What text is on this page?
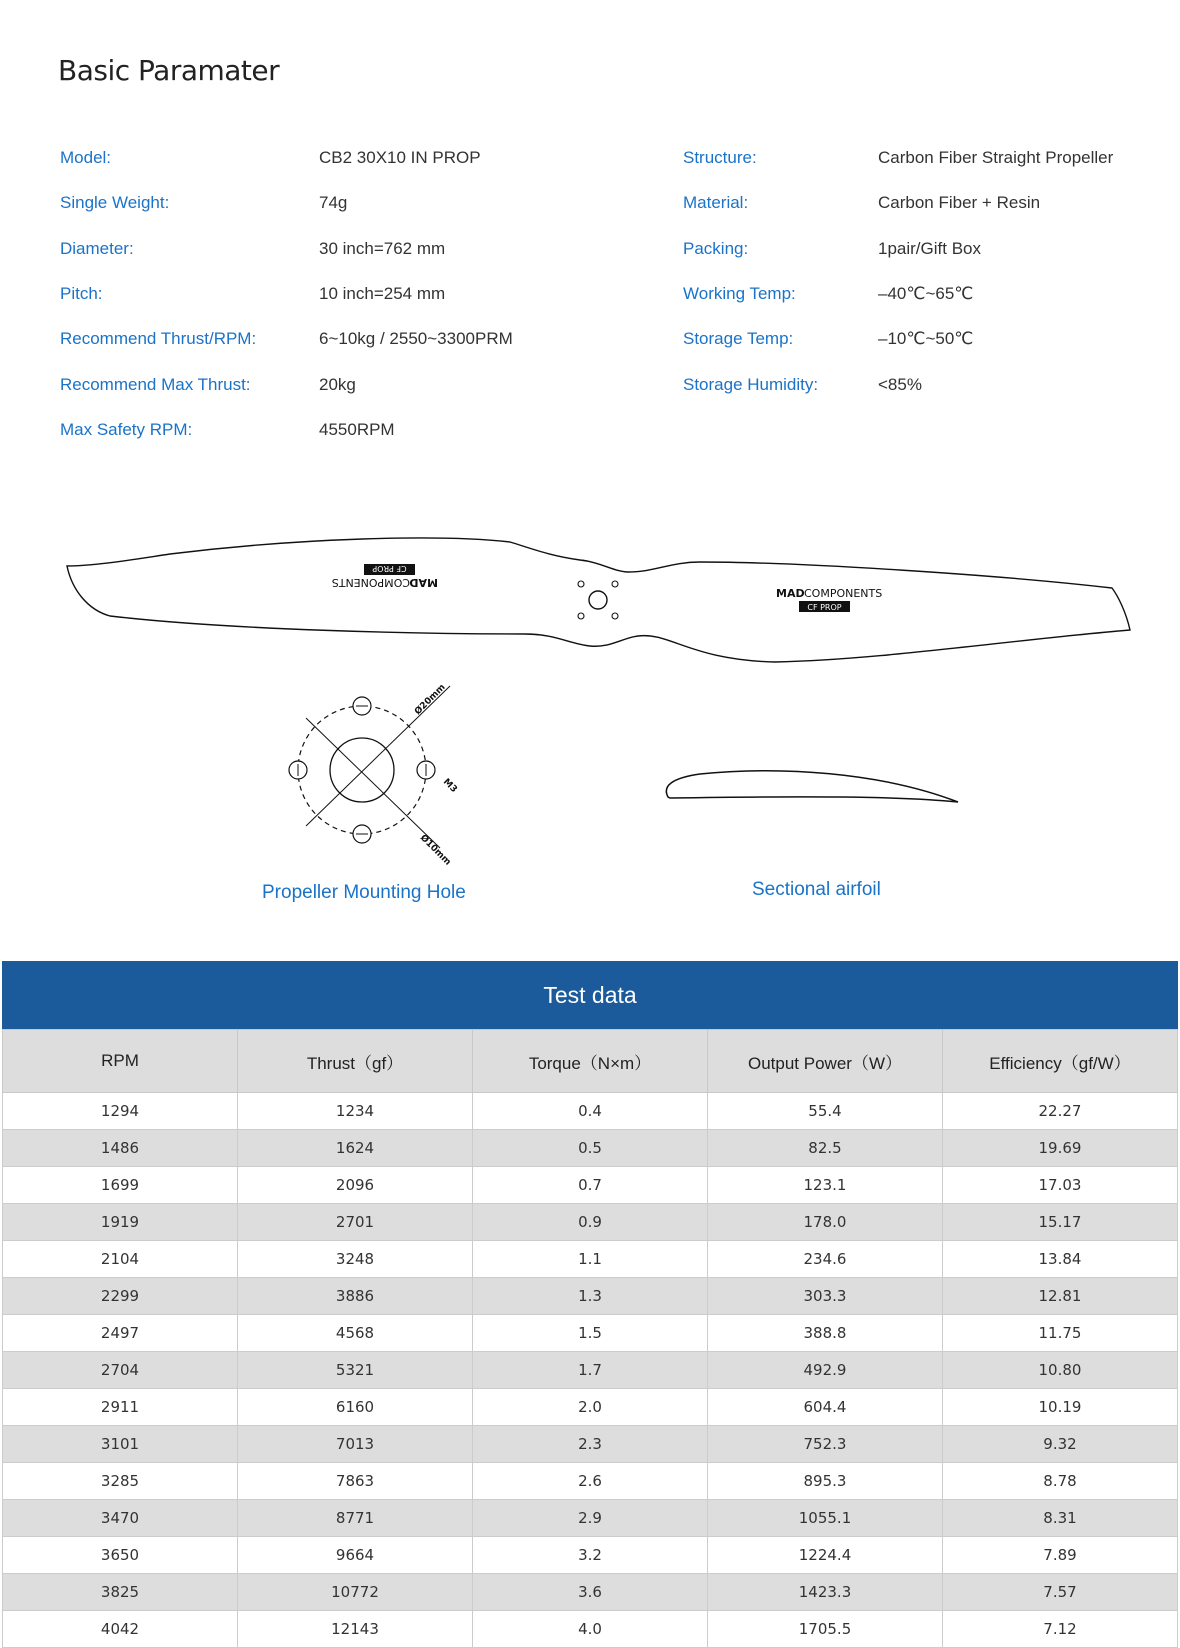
Basic Paramater
Model:	CB2 30X10 IN PROP
Single Weight:	74g
Diameter:	30 inch=762 mm
Pitch:	10 inch=254 mm
Recommend Thrust/RPM:	6~10kg / 2550~3300PRM
Recommend Max Thrust:	20kg
Max Safety RPM:	4550RPM
Structure:	Carbon Fiber Straight Propeller
Material:	Carbon Fiber + Resin
Packing:	1pair/Gift Box
Working Temp:	–40℃~65℃
Storage Temp:	–10℃~50℃
Storage Humidity:	<85%
MAD COMPONENTS
CF PROP
MAD
COMPONENTS
CF PROP
Ø20mm
Ø10mm
M3
Propeller Mounting Hole	Sectional airfoil
Test data
RPM	Thrust（gf）	Torque（N×m）	Output Power（W）	Efficiency（gf/W）
1294	1234	0.4	55.4	22.27
1486	1624	0.5	82.5	19.69
1699	2096	0.7	123.1	17.03
1919	2701	0.9	178.0	15.17
2104	3248	1.1	234.6	13.84
2299	3886	1.3	303.3	12.81
2497	4568	1.5	388.8	11.75
2704	5321	1.7	492.9	10.80
2911	6160	2.0	604.4	10.19
3101	7013	2.3	752.3	9.32
3285	7863	2.6	895.3	8.78
3470	8771	2.9	1055.1	8.31
3650	9664	3.2	1224.4	7.89
3825	10772	3.6	1423.3	7.57
4042	12143	4.0	1705.5	7.12
